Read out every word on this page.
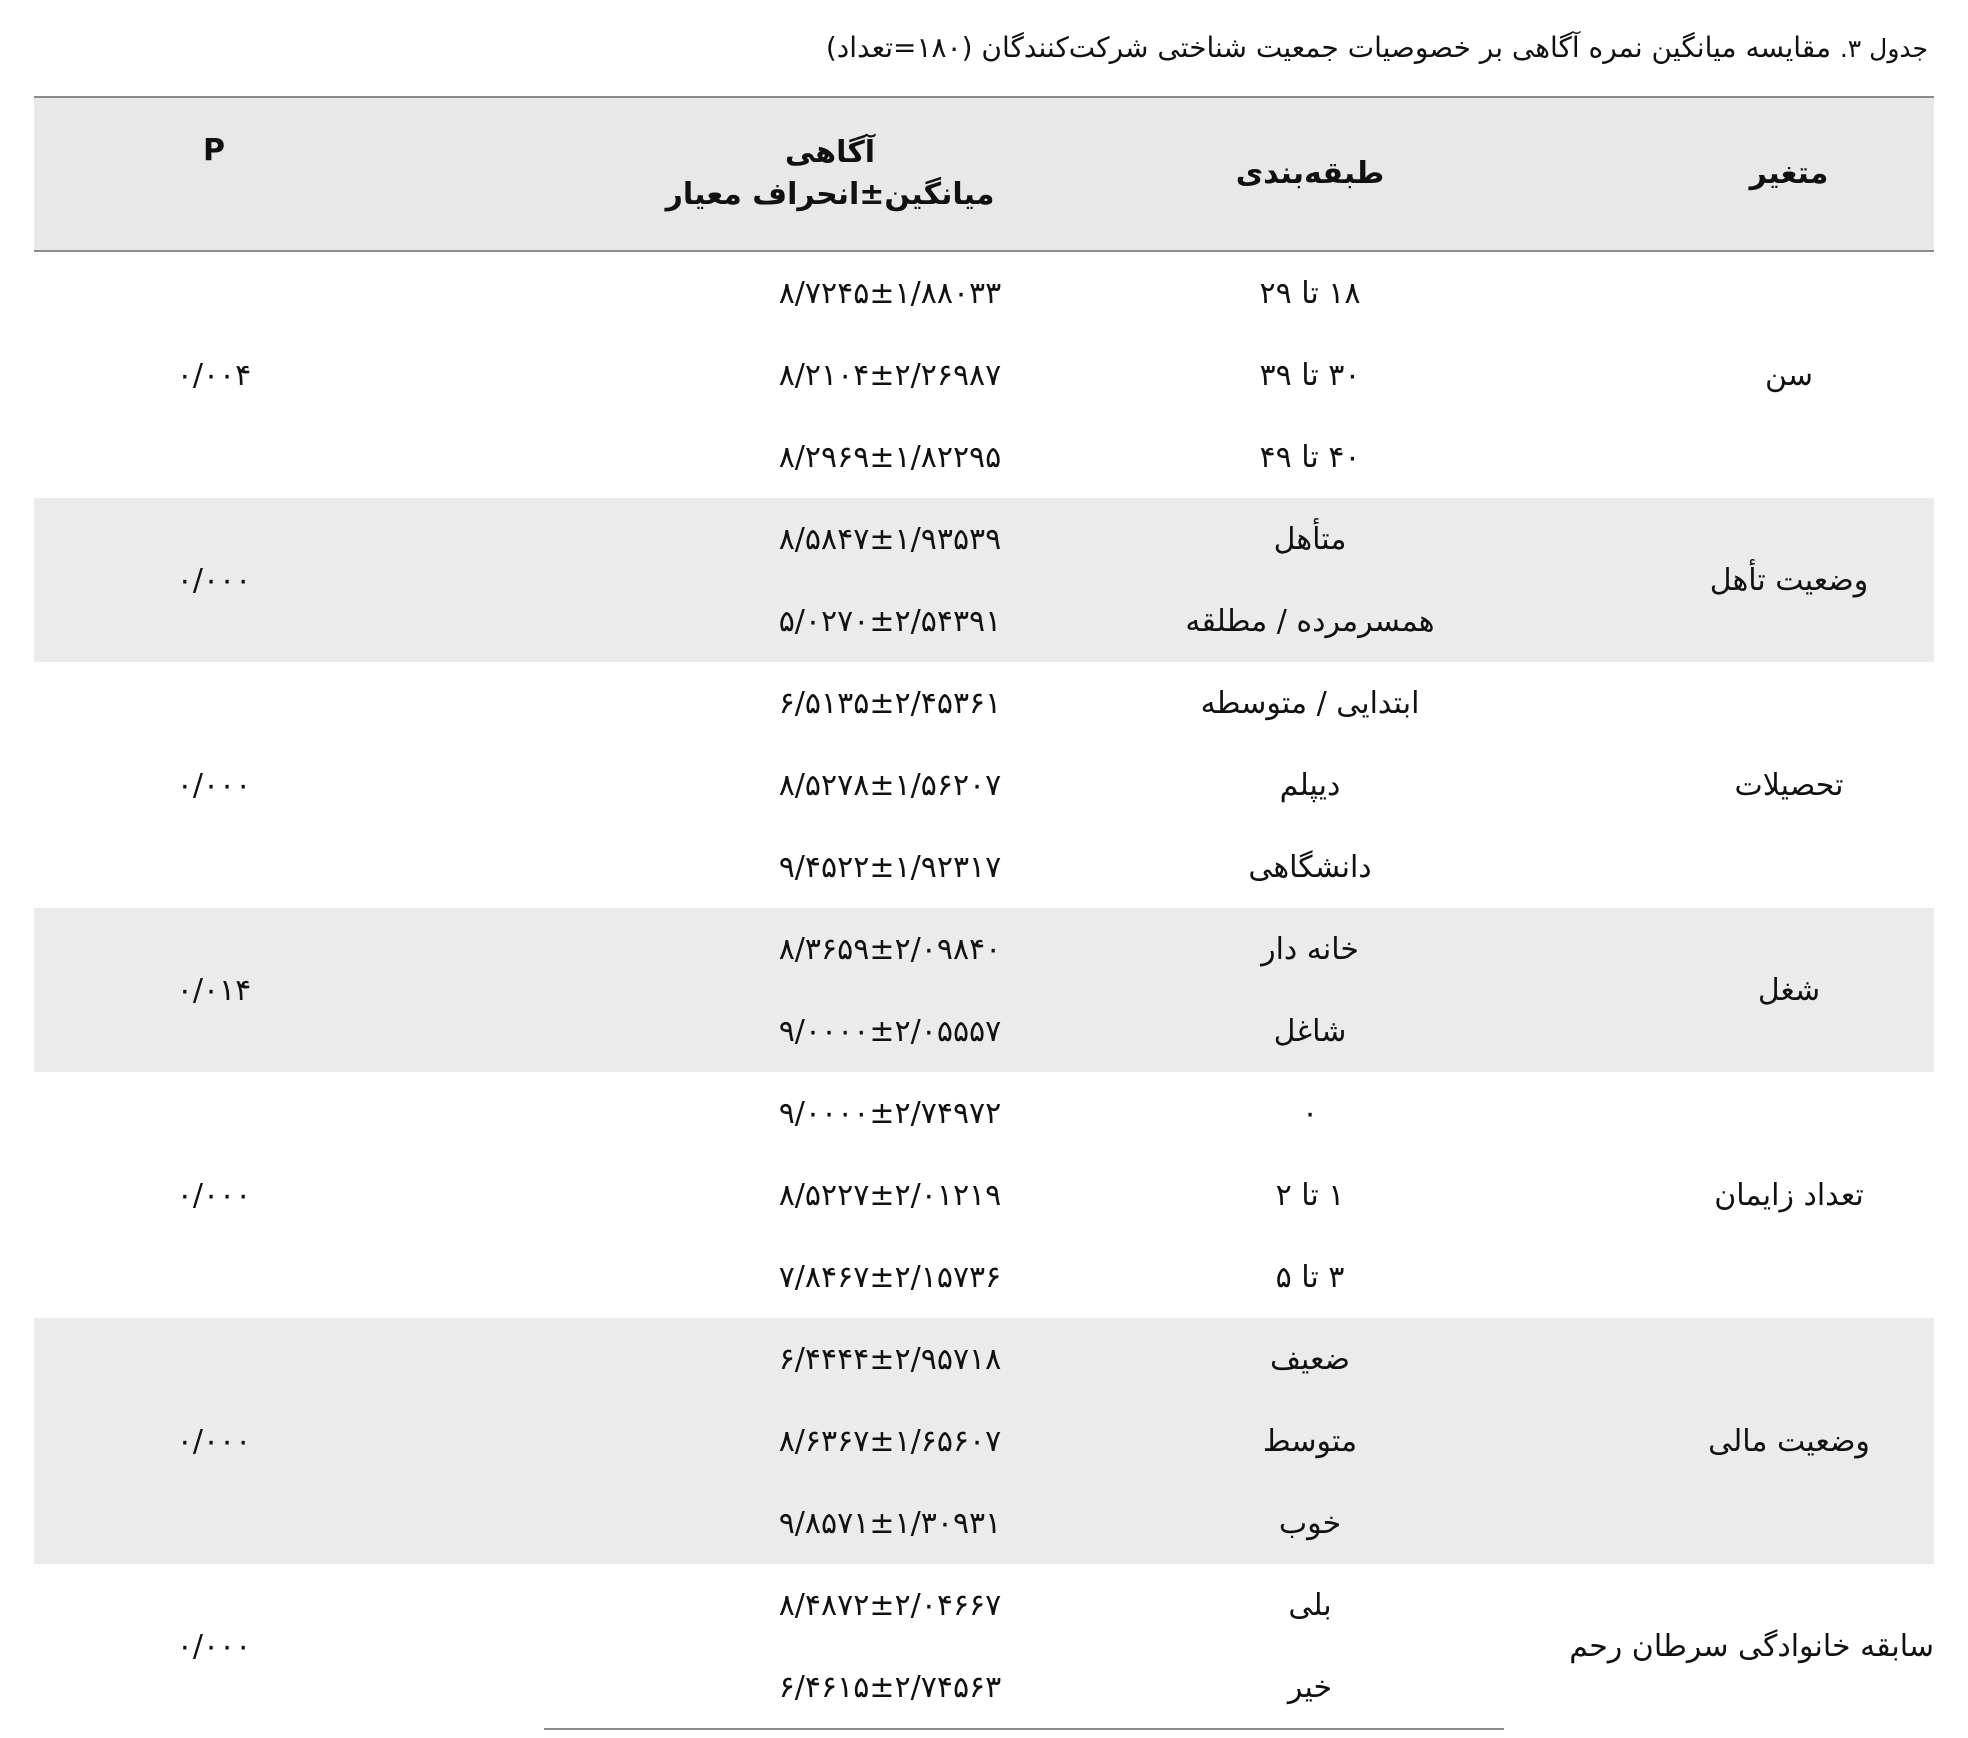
جدول ۳. مقایسه میانگین نمره آگاهی بر خصوصیات جمعیت شناختی شرکت‌کنندگان (۱۸۰=تعداد)
متغیر	طبقه‌بندی	آگاهی
میانگین±انحراف معیار	P
سن	۱۸ تا ۲۹	۸/۷۲۴۵±۱/۸۸۰۳۳	۰/۰۰۴
	۳۰ تا ۳۹	۸/۲۱۰۴±۲/۲۶۹۸۷	
	۴۰ تا ۴۹	۸/۲۹۶۹±۱/۸۲۲۹۵	
وضعیت تأهل	متأهل	۸/۵۸۴۷±۱/۹۳۵۳۹	۰/۰۰۰
	همسرمرده / مطلقه	۵/۰۲۷۰±۲/۵۴۳۹۱	
تحصیلات	ابتدایی / متوسطه	۶/۵۱۳۵±۲/۴۵۳۶۱	۰/۰۰۰
	دیپلم	۸/۵۲۷۸±۱/۵۶۲۰۷	
	دانشگاهی	۹/۴۵۲۲±۱/۹۲۳۱۷	
شغل	خانه دار	۸/۳۶۵۹±۲/۰۹۸۴۰	۰/۰۱۴
	شاغل	۹/۰۰۰۰±۲/۰۵۵۵۷	
تعداد زایمان	۰	۹/۰۰۰۰±۲/۷۴۹۷۲	۰/۰۰۰
	۱ تا ۲	۸/۵۲۲۷±۲/۰۱۲۱۹	
	۳ تا ۵	۷/۸۴۶۷±۲/۱۵۷۳۶	
وضعیت مالی	ضعیف	۶/۴۴۴۴±۲/۹۵۷۱۸	۰/۰۰۰
	متوسط	۸/۶۳۶۷±۱/۶۵۶۰۷	
	خوب	۹/۸۵۷۱±۱/۳۰۹۳۱	
سابقه خانوادگی سرطان رحم	بلی	۸/۴۸۷۲±۲/۰۴۶۶۷	۰/۰۰۰
	خیر	۶/۴۶۱۵±۲/۷۴۵۶۳	
